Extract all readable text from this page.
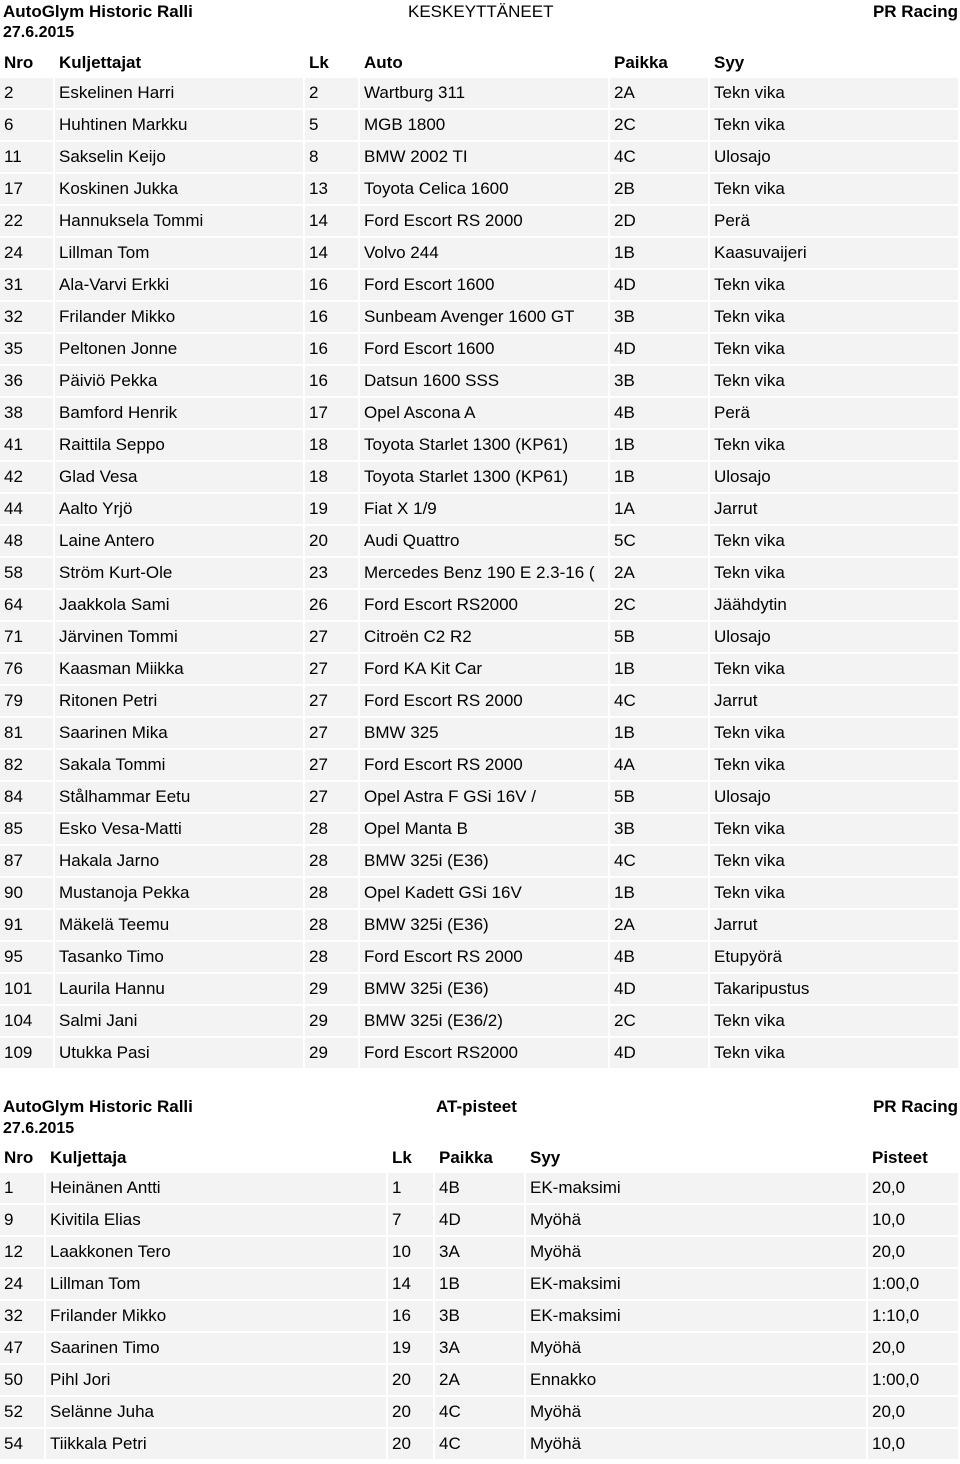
AutoGlym Historic Ralli	KESKEYTTÄNEET	PR Racing
27.6.2015
Nro	Kuljettajat	Lk	Auto	Paikka	Syy
2	Eskelinen Harri	2	Wartburg 311	2A	Tekn vika
6	Huhtinen Markku	5	MGB 1800	2C	Tekn vika
11	Sakselin Keijo	8	BMW 2002 TI	4C	Ulosajo
17	Koskinen Jukka	13	Toyota Celica 1600	2B	Tekn vika
22	Hannuksela Tommi	14	Ford Escort RS 2000	2D	Perä
24	Lillman Tom	14	Volvo 244	1B	Kaasuvaijeri
31	Ala-Varvi Erkki	16	Ford Escort 1600	4D	Tekn vika
32	Frilander Mikko	16	Sunbeam Avenger 1600 GT	3B	Tekn vika
35	Peltonen Jonne	16	Ford Escort 1600	4D	Tekn vika
36	Päiviö Pekka	16	Datsun 1600 SSS	3B	Tekn vika
38	Bamford Henrik	17	Opel Ascona A	4B	Perä
41	Raittila Seppo	18	Toyota Starlet 1300 (KP61)	1B	Tekn vika
42	Glad Vesa	18	Toyota Starlet 1300 (KP61)	1B	Ulosajo
44	Aalto Yrjö	19	Fiat X 1/9	1A	Jarrut
48	Laine Antero	20	Audi Quattro	5C	Tekn vika
58	Ström Kurt-Ole	23	Mercedes Benz 190 E 2.3-16 (	2A	Tekn vika
64	Jaakkola Sami	26	Ford Escort RS2000	2C	Jäähdytin
71	Järvinen Tommi	27	Citroën C2 R2	5B	Ulosajo
76	Kaasman Miikka	27	Ford KA Kit Car	1B	Tekn vika
79	Ritonen Petri	27	Ford Escort RS 2000	4C	Jarrut
81	Saarinen Mika	27	BMW 325	1B	Tekn vika
82	Sakala Tommi	27	Ford Escort RS 2000	4A	Tekn vika
84	Stålhammar Eetu	27	Opel Astra F GSi 16V /	5B	Ulosajo
85	Esko Vesa-Matti	28	Opel Manta B	3B	Tekn vika
87	Hakala Jarno	28	BMW 325i (E36)	4C	Tekn vika
90	Mustanoja Pekka	28	Opel Kadett GSi 16V	1B	Tekn vika
91	Mäkelä Teemu	28	BMW 325i (E36)	2A	Jarrut
95	Tasanko Timo	28	Ford Escort RS 2000	4B	Etupyörä
101	Laurila Hannu	29	BMW 325i (E36)	4D	Takaripustus
104	Salmi Jani	29	BMW 325i (E36/2)	2C	Tekn vika
109	Utukka Pasi	29	Ford Escort RS2000	4D	Tekn vika
AutoGlym Historic Ralli	AT-pisteet	PR Racing
27.6.2015
Nro	Kuljettaja	Lk	Paikka	Syy	Pisteet
1	Heinänen Antti	1	4B	EK-maksimi	20,0
9	Kivitila Elias	7	4D	Myöhä	10,0
12	Laakkonen Tero	10	3A	Myöhä	20,0
24	Lillman Tom	14	1B	EK-maksimi	1:00,0
32	Frilander Mikko	16	3B	EK-maksimi	1:10,0
47	Saarinen Timo	19	3A	Myöhä	20,0
50	Pihl Jori	20	2A	Ennakko	1:00,0
52	Selänne Juha	20	4C	Myöhä	20,0
54	Tiikkala Petri	20	4C	Myöhä	10,0
